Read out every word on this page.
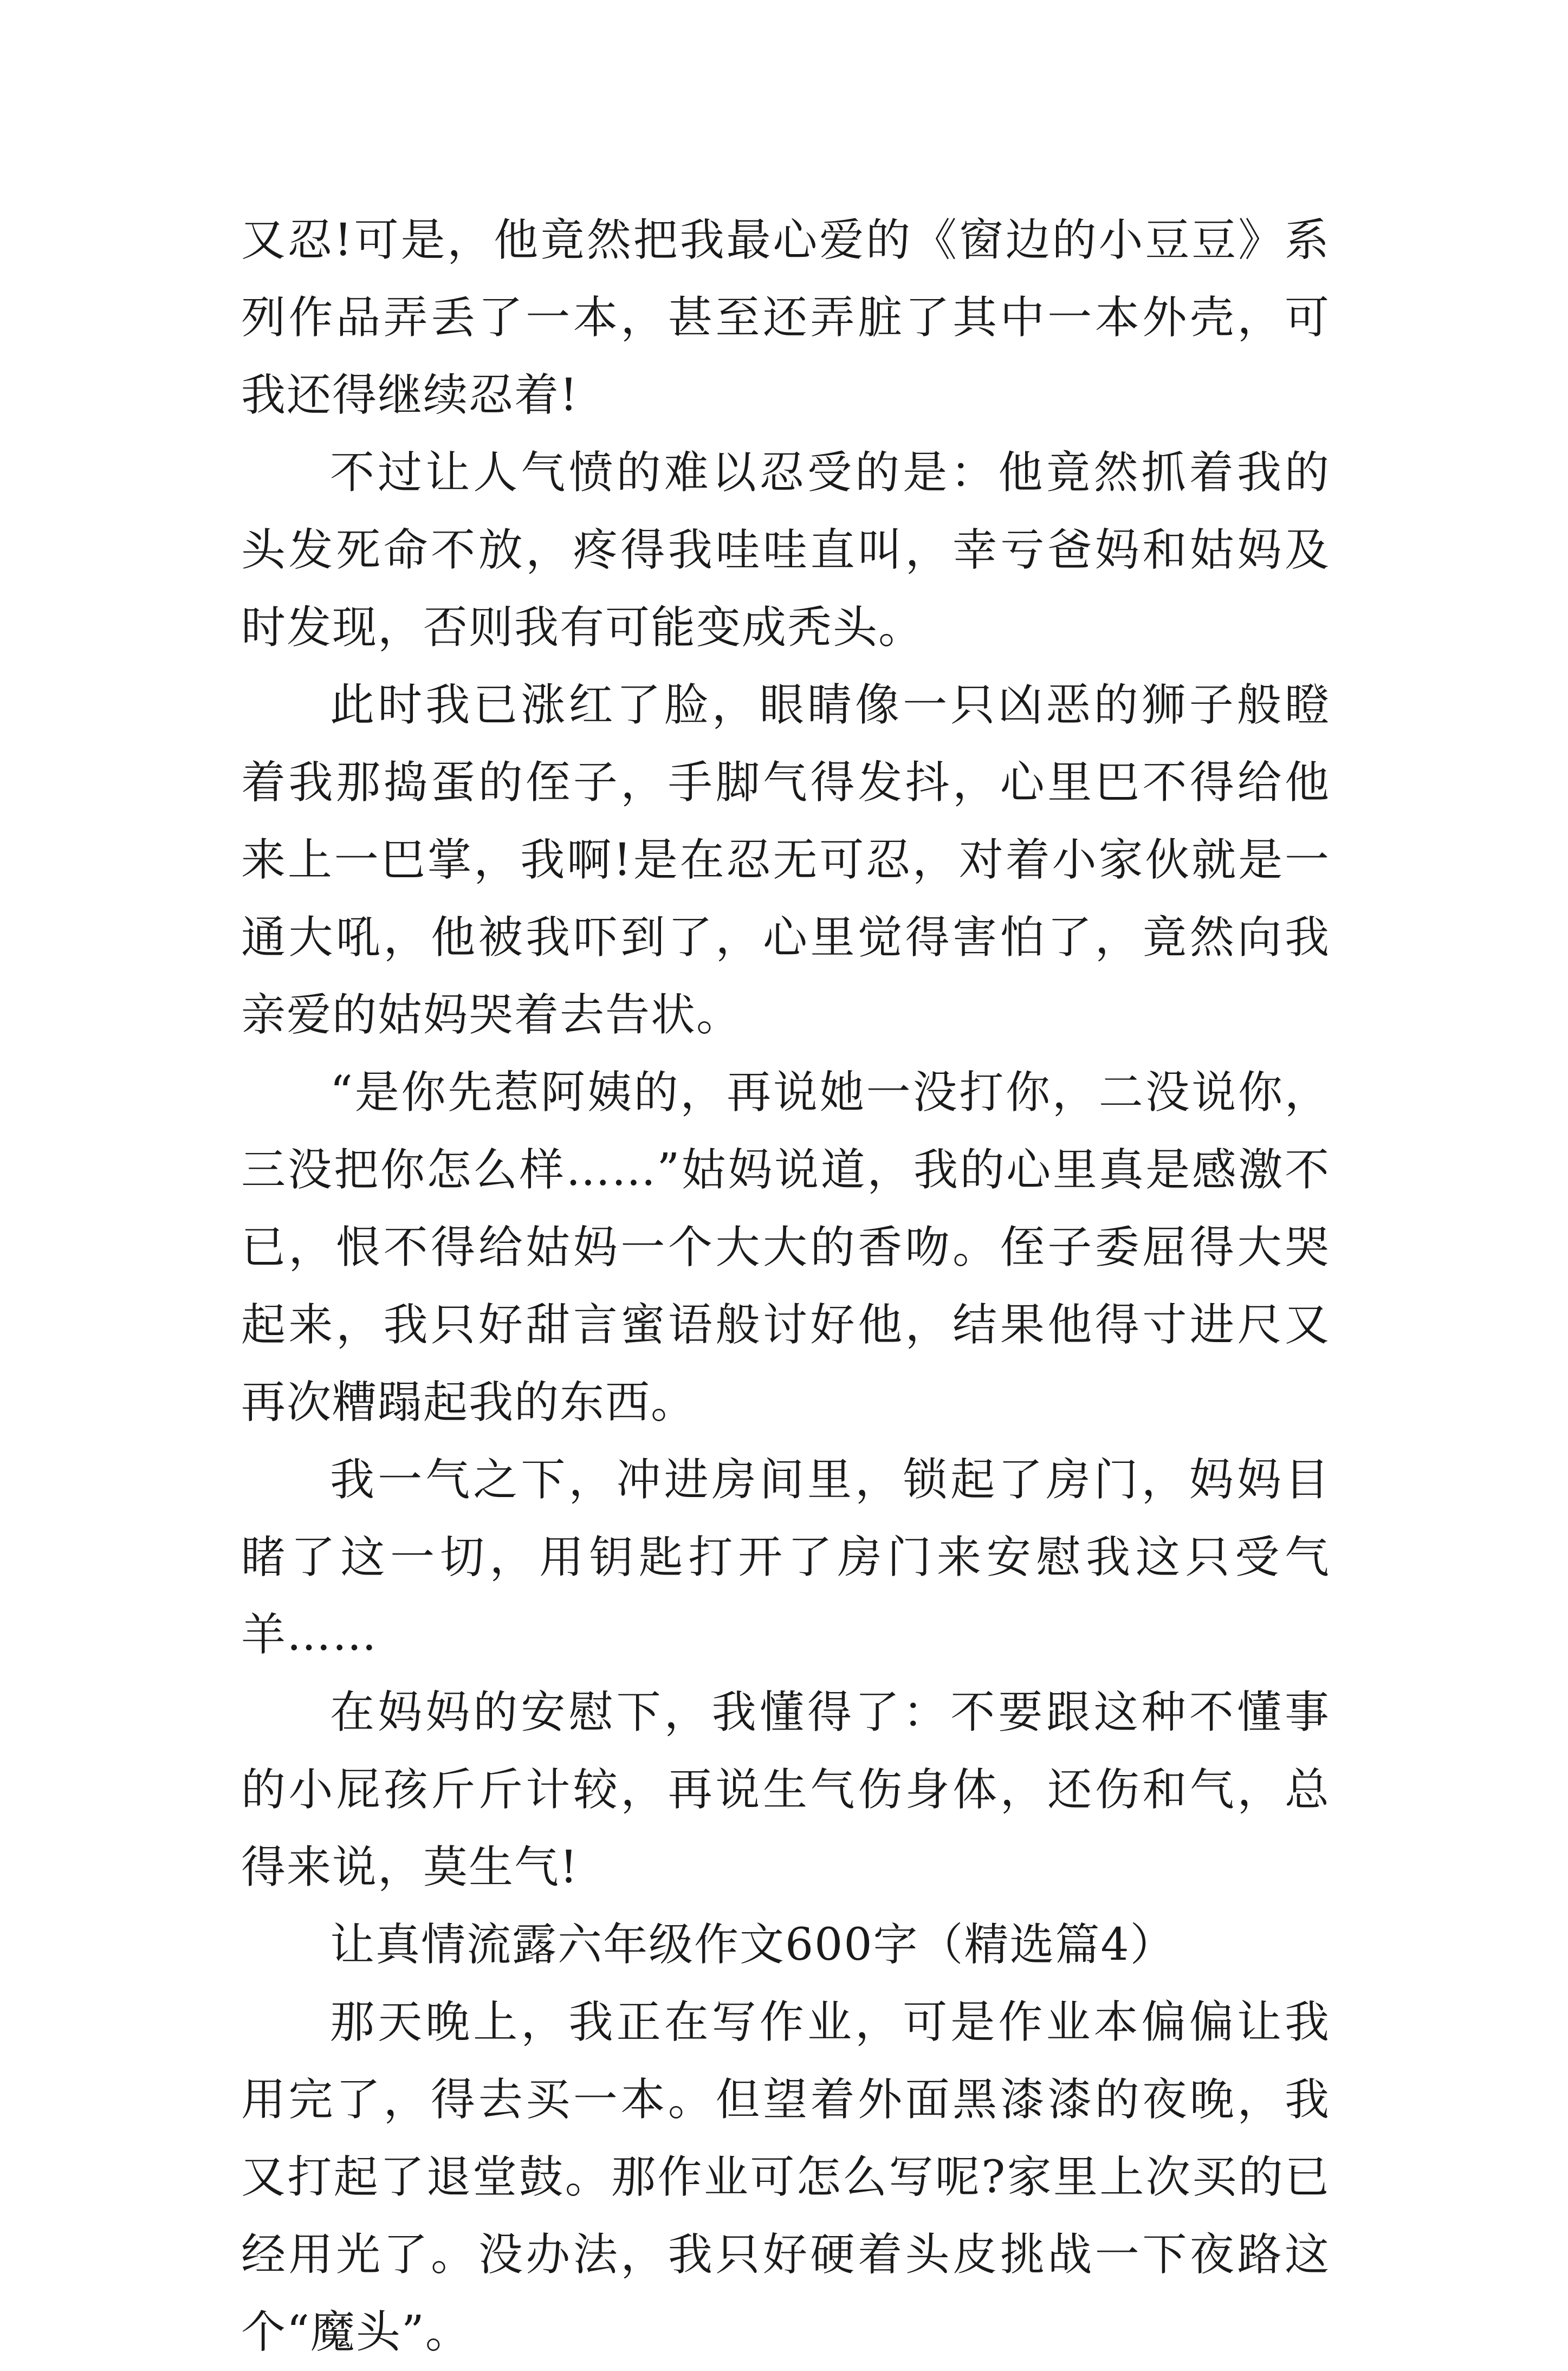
又忍!可是，他竟然把我最心爱的《窗边的小豆豆》系列作品弄丢了一本，甚至还弄脏了其中一本外壳，可我还得继续忍着!

不过让人气愤的难以忍受的是：他竟然抓着我的头发死命不放，疼得我哇哇直叫，幸亏爸妈和姑妈及时发现，否则我有可能变成秃头。

此时我已涨红了脸，眼睛像一只凶恶的狮子般瞪着我那捣蛋的侄子，手脚气得发抖，心里巴不得给他来上一巴掌，我啊!是在忍无可忍，对着小家伙就是一通大吼，他被我吓到了，心里觉得害怕了，竟然向我亲爱的姑妈哭着去告状。

“是你先惹阿姨的，再说她一没打你，二没说你，三没把你怎么样……”姑妈说道，我的心里真是感激不已，恨不得给姑妈一个大大的香吻。侄子委屈得大哭起来，我只好甜言蜜语般讨好他，结果他得寸进尺又再次糟蹋起我的东西。

我一气之下，冲进房间里，锁起了房门，妈妈目睹了这一切，用钥匙打开了房门来安慰我这只受气羊……

在妈妈的安慰下，我懂得了：不要跟这种不懂事的小屁孩斤斤计较，再说生气伤身体，还伤和气，总得来说，莫生气!

让真情流露六年级作文600字（精选篇4）

那天晚上，我正在写作业，可是作业本偏偏让我用完了，得去买一本。但望着外面黑漆漆的夜晚，我又打起了退堂鼓。那作业可怎么写呢?家里上次买的已经用光了。没办法，我只好硬着头皮挑战一下夜路这个“魔头”。
